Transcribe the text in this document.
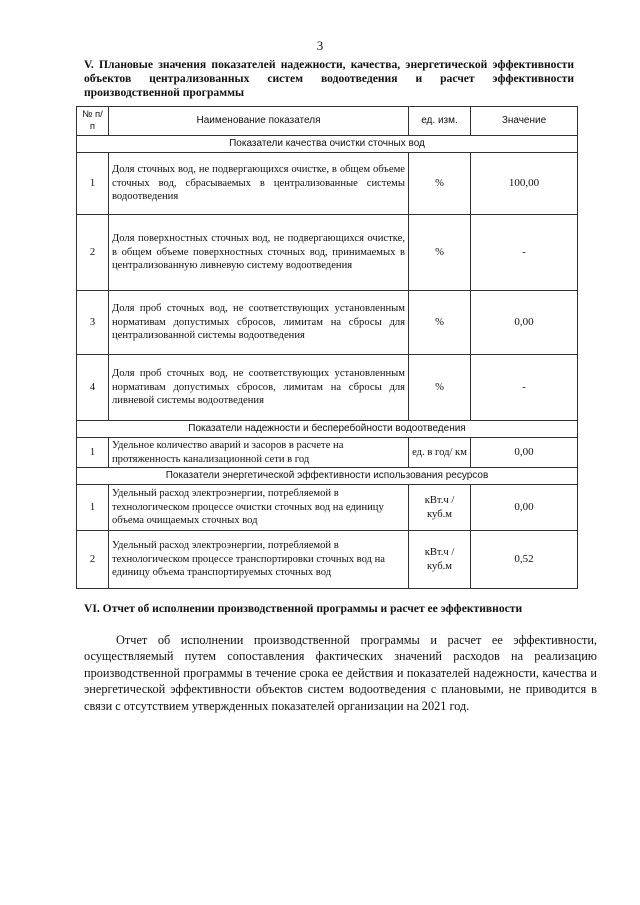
3
V. Плановые значения показателей надежности, качества, энергетической эффективности объектов централизованных систем водоотведения и расчет эффективности производственной программы
№ п/п	Наименование показателя	ед. изм.	Значение
Показатели качества очистки сточных вод			
1	Доля сточных вод, не подвергающихся очистке, в общем объеме сточных вод, сбрасываемых в централизованные системы водоотведения	%	100,00
2	Доля поверхностных сточных вод, не подвергающихся очистке, в общем объеме поверхностных сточных вод, принимаемых в централизованную ливневую систему водоотведения	%	-
3	Доля проб сточных вод, не соответствующих установленным нормативам допустимых сбросов, лимитам на сбросы для централизованной системы водоотведения	%	0,00
4	Доля проб сточных вод, не соответствующих установленным нормативам допустимых сбросов, лимитам на сбросы для ливневой системы водоотведения	%	-
Показатели надежности и бесперебойности водоотведения			
1	Удельное количество аварий и засоров в расчете на протяженность канализационной сети в год	ед. в год/ км	0,00
Показатели энергетической эффективности использования ресурсов			
1	Удельный расход электроэнергии, потребляемой в технологическом процессе очистки сточных вод на единицу объема очищаемых сточных вод	кВт.ч / куб.м	0,00
2	Удельный расход электроэнергии, потребляемой в технологическом процессе транспортировки сточных вод на единицу объема транспортируемых сточных вод	кВт.ч / куб.м	0,52
VI. Отчет об исполнении производственной программы и расчет ее эффективности

Отчет об исполнении производственной программы и расчет ее эффективности, осуществляемый путем сопоставления фактических значений расходов на реализацию производственной программы в течение срока ее действия и показателей надежности, качества и энергетической эффективности объектов систем водоотведения с плановыми, не приводится в связи с отсутствием утвержденных показателей организации на 2021 год.
